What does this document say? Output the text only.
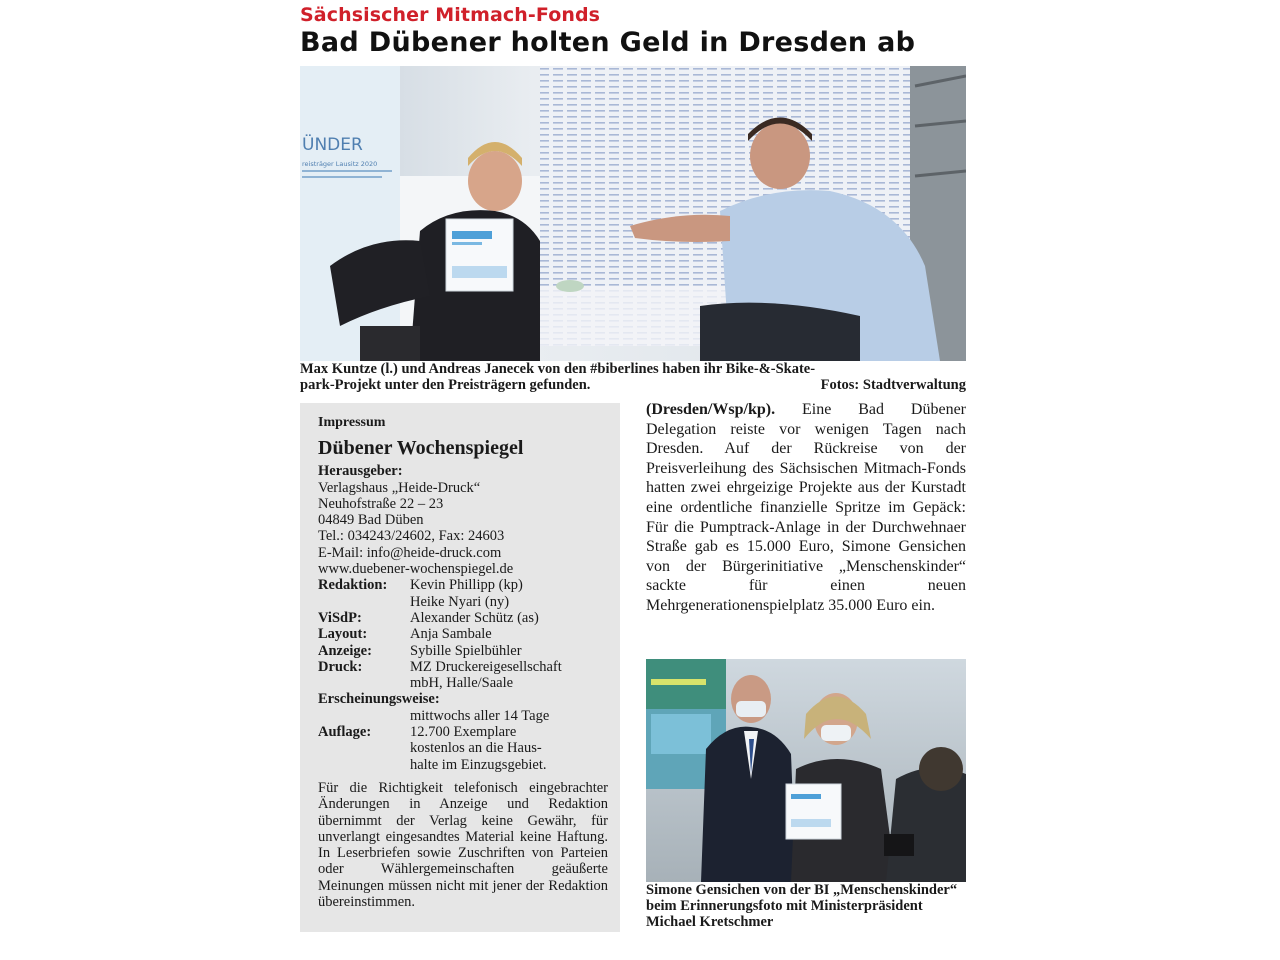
Sächsischer Mitmach-Fonds
Bad Dübener holten Geld in Dresden ab
ÜNDER
reisträger Lausitz 2020
Max Kuntze (l.) und Andreas Janecek von den #biberlines haben ihr Bike-&-Skate-
park-Projekt unter den Preisträgern gefunden.	Fotos: Stadtverwaltung
Impressum
Dübener Wochenspiegel
Herausgeber:
Verlagshaus „Heide-Druck“
Neuhofstraße 22 – 23
04849 Bad Düben
Tel.: 034243/24602, Fax: 24603
E-Mail: info@heide-druck.com
www.duebener-wochenspiegel.de
Redaktion:	Kevin Phillipp (kp)
Heike Nyari (ny)
ViSdP:	Alexander Schütz (as)
Layout:	Anja Sambale
Anzeige:	Sybille Spielbühler
Druck:	MZ Druckereigesellschaft
mbH, Halle/Saale
Erscheinungsweise:
mittwochs aller 14 Tage
Auflage:	12.700 Exemplare
kostenlos an die Haus-
halte im Einzugsgebiet.
Für die Richtigkeit telefonisch eingebrachter Änderungen in Anzeige und Redaktion übernimmt der Verlag keine Gewähr, für unverlangt eingesandtes Material keine Haftung. In Leserbriefen sowie Zuschriften von Parteien oder Wählergemeinschaften geäußerte Meinungen müssen nicht mit jener der Redaktion übereinstimmen.
(Dresden/Wsp/kp). Eine Bad Dübener Delegation reiste vor wenigen Tagen nach Dresden. Auf der Rückreise von der Preisverleihung des Sächsischen Mitmach-Fonds hatten zwei ehrgeizige Projekte aus der Kurstadt eine ordentliche finanzielle Spritze im Gepäck: Für die Pumptrack-Anlage in der Durchwehnaer Straße gab es 15.000 Euro, Simone Gensichen von der Bürgerinitiative „Menschenskinder“ sackte für einen neuen Mehrgenerationenspielplatz 35.000 Euro ein.
Simone Gensichen von der BI „Menschenskinder“ beim Erinnerungsfoto mit Ministerpräsident Michael Kretschmer
